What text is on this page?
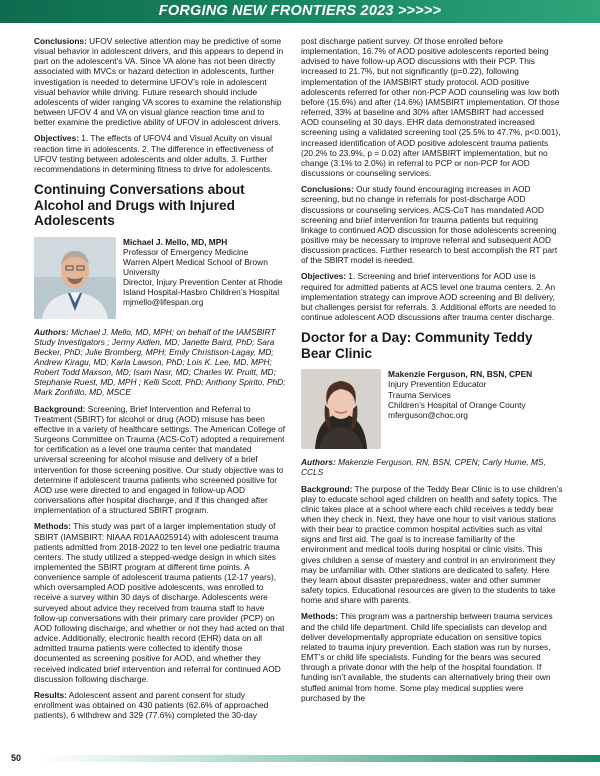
FORGING NEW FRONTIERS 2023 >>>>>

Conclusions: UFOV selective attention may be predictive of some visual behavior in adolescent drivers, and this appears to depend in part on the adolescent’s VA. Since VA alone has not been directly associated with MVCs or hazard detection in adolescents, further investigation is needed to determine UFOV’s role in adolescent visual behavior while driving. Future research should include adolescents of wider ranging VA scores to examine the relationship between UFOV 4 and VA on visual glance reaction time and to better examine the predictive ability of UFOV in adolescent drivers.

Objectives: 1. The effects of UFOV4 and Visual Acuity on visual reaction time in adolescents. 2. The difference in effectiveness of UFOV testing between adolescents and older adults. 3. Further recommendations in determining fitness to drive for adolescents.

Continuing Conversations about Alcohol and Drugs with Injured Adolescents
Michael J. Mello, MD, MPH
Professor of Emergency Medicine
Warren Alpert Medical School of Brown University
Director, Injury Prevention Center at Rhode Island Hospital-Hasbro Children’s Hospital
mjmello@lifespan.org

Authors: Michael J. Mello, MD, MPH; on behalf of the IAMSBIRT Study Investigators ; Jermy Aidlen, MD; Janette Baird, PhD; Sara Becker, PhD; Julie Bromberg, MPH; Emily Christison-Lagay, MD; Andrew Kiragu, MD; Karla Lawson, PhD; Lois K. Lee, MD, MPH; Robert Todd Maxson, MD; Isam Nasr, MD; Charles W. Pruitt, MD; Stephanie Ruest, MD, MPH ; Kelli Scott, PhD; Anthony Spirito, PhD; Mark Zonfrillo, MD, MSCE

Background: Screening, Brief Intervention and Referral to Treatment (SBIRT) for alcohol or drug (AOD) misuse has been effective in a variety of healthcare settings. The American College of Surgeons Committee on Trauma (ACS-CoT) adopted a requirement for certification as a level one trauma center that mandated universal screening for alcohol misuse and delivery of a brief intervention for those screening positive. Our study objective was to determine if adolescent trauma patients who screened positive for AOD use were directed to and engaged in follow-up AOD conversations after hospital discharge, and if this changed after implementation of a structured SBIRT program.

Methods: This study was part of a larger implementation study of SBIRT (IAMSBIRT: NIAAA R01AA025914) with adolescent trauma patients admitted from 2018-2022 to ten level one pediatric trauma centers. The study utilized a stepped-wedge design in which sites implemented the SBIRT program at different time points. A convenience sample of adolescent trauma patients (12-17 years), which oversampled AOD positive adolescents, was enrolled to receive a survey within 30 days of discharge. Adolescents were surveyed about advice they received from trauma staff to have follow-up conversations with their primary care provider (PCP) on AOD following discharge, and whether or not they had acted on that advice. Additionally, electronic health record (EHR) data on all admitted trauma patients were collected to identify those documented as screening positive for AOD, and whether they received indicated brief intervention and referral for continued AOD discussion following discharge.

Results: Adolescent assent and parent consent for study enrollment was obtained on 430 patients (62.6% of approached patients), 6 withdrew and 329 (77.6%) completed the 30-day

post discharge patient survey. Of those enrolled before implementation, 16.7% of AOD positive adolescents reported being advised to have follow-up AOD discussions with their PCP. This increased to 21.7%, but not significantly (p=0.22), following implementation of the IAMSBIRT study protocol. AOD positive adolescents referred for other non-PCP AOD counseling was low both before (15.6%) and after (14.6%) IAMSBIRT implementation. Of those referred, 33% at baseline and 30% after IAMSBIRT had accessed AOD counseling at 30 days. EHR data demonstrated increased screening using a validated screening tool (25.5% to 47.7%, p<0.001), increased identification of AOD positive adolescent trauma patients (20.2% to 23.9%, p = 0.02) after IAMSBIRT implementation, but no change (3.1% to 2.0%) in referral to PCP or non-PCP for AOD discussions or counseling services.

Conclusions: Our study found encouraging increases in AOD screening, but no change in referrals for post-discharge AOD discussions or counseling services. ACS-CoT has mandated AOD screening and brief intervention for trauma patients but requiring linkage to continued AOD discussion for those adolescents screening positive may be necessary to improve referral and subsequent AOD discussion practices. Further research to best accomplish the RT part of the SBIRT model is needed.

Objectives: 1. Screening and brief interventions for AOD use is required for admitted patients at ACS level one trauma centers. 2. An implementation strategy can improve AOD screening and BI delivery, but challenges persist for referrals. 3. Additional efforts are needed to continue adolescent AOD discussions after trauma center discharge.

Doctor for a Day: Community Teddy Bear Clinic
Makenzie Ferguson, RN, BSN, CPEN
Injury Prevention Educator
Trauma Services
Children’s Hospital of Orange County
mferguson@choc.org

Authors: Makenzie Ferguson, RN, BSN, CPEN; Carly Hume, MS, CCLS

Background: The purpose of the Teddy Bear Clinic is to use children’s play to educate school aged children on health and safety topics. The clinic takes place at a school where each child receives a teddy bear when they check in. Next, they have one hour to visit various stations with their bear to practice common hospital activities such as vital signs and first aid. The goal is to increase familiarity of the environment and medical tools during hospital or clinic visits. This gives children a sense of mastery and control in an environment they may be unfamiliar with. Other stations are dedicated to safety. Here they learn about disaster preparedness, water and other summer safety topics. Educational resources are given to the students to take home and share with parents.

Methods: This program was a partnership between trauma services and the child life department. Child life specialists can develop and deliver developmentally appropriate education on sensitive topics related to trauma injury prevention. Each station was run by nurses, EMT’s or child life specialists. Funding for the bears was secured through a private donor with the help of the hospital foundation. If funding isn’t available, the students can alternatively bring their own stuffed animal from home. Some play medical supplies were purchased by the

50
